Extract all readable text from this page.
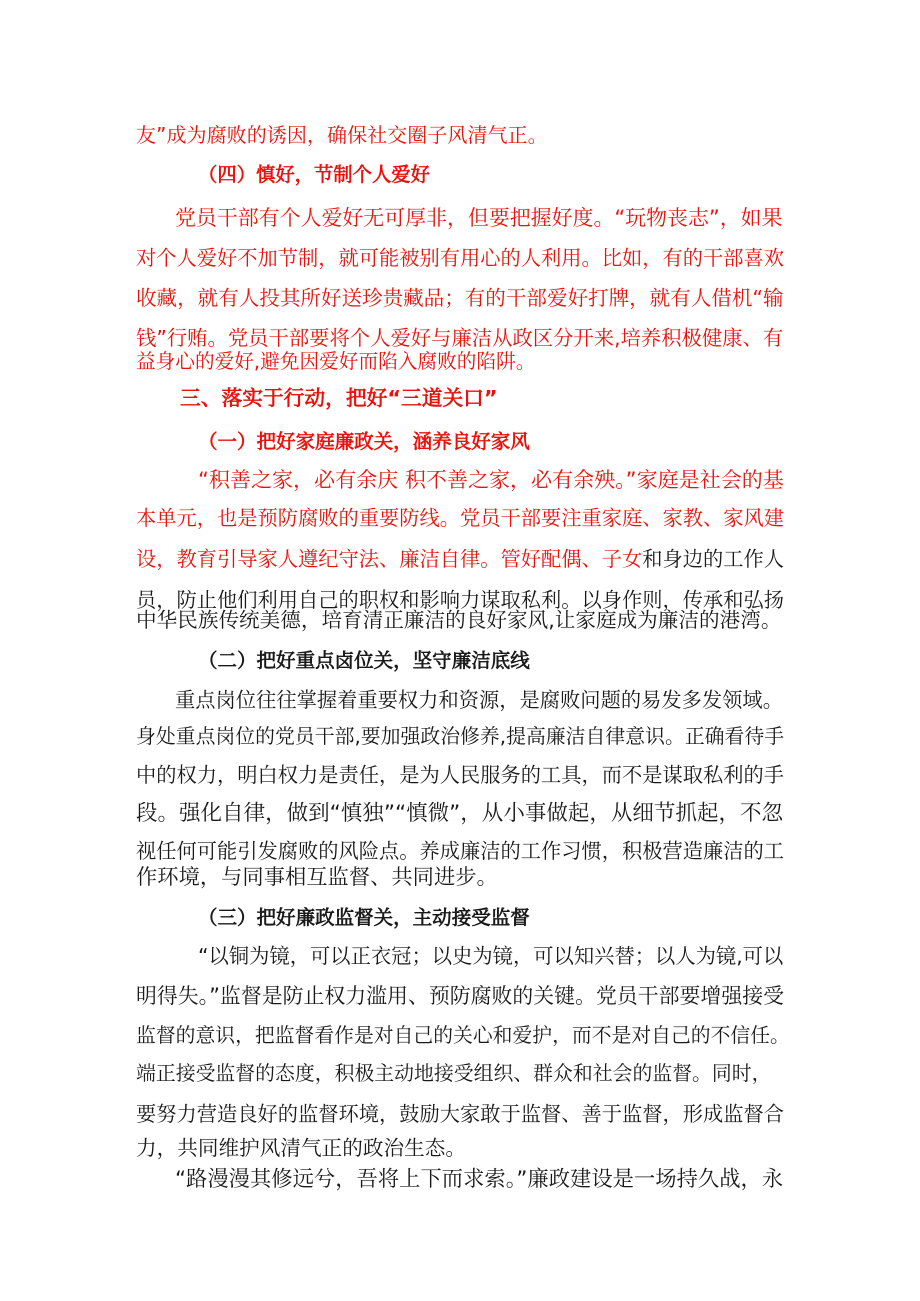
友”成为腐败的诱因，确保社交圈子风清气正。
（四）慎好，节制个人爱好
党员干部有个人爱好无可厚非，但要把握好度。“玩物丧志”，如果
对个人爱好不加节制，就可能被别有用心的人利用。比如，有的干部喜欢
收藏，就有人投其所好送珍贵藏品；有的干部爱好打牌，就有人借机“输
钱”行贿。党员干部要将个人爱好与廉洁从政区分开来,培养积极健康、有
益身心的爱好,避免因爱好而陷入腐败的陷阱。
三、落实于行动，把好“三道关口”
（一）把好家庭廉政关，涵养良好家风
“积善之家，必有余庆 积不善之家，必有余殃。”家庭是社会的基
本单元，也是预防腐败的重要防线。党员干部要注重家庭、家教、家风建
设，教育引导家人遵纪守法、廉洁自律。管好配偶、子女和身边的工作人
员，防止他们利用自己的职权和影响力谋取私利。以身作则，传承和弘扬
中华民族传统美德，培育清正廉洁的良好家风,让家庭成为廉洁的港湾。
（二）把好重点卤位关，坚守廉洁底线
重点岗位往往掌握着重要权力和资源，是腐败问题的易发多发领域。
身处重点岗位的党员干部,要加强政治修养,提高廉洁自律意识。正确看待手
中的权力，明白权力是责任，是为人民服务的工具，而不是谋取私利的手
段。强化自律，做到“慎独”“慎微”，从小事做起，从细节抓起，不忽
视任何可能引发腐败的风险点。养成廉洁的工作习惯，积极营造廉洁的工
作环境，与同事相互监督、共同进步。
（三）把好廉政监督关，主动接受监督
“以铜为镜，可以正衣冠；以史为镜，可以知兴替；以人为镜,可以
明得失。”监督是防止权力滥用、预防腐败的关键。党员干部要增强接受
监督的意识，把监督看作是对自己的关心和爱护，而不是对自己的不信任。
端正接受监督的态度，积极主动地接受组织、群众和社会的监督。同时，
要努力营造良好的监督环境，鼓励大家敢于监督、善于监督，形成监督合
力，共同维护风清气正的政治生态。
“路漫漫其修远兮，吾将上下而求索。”廉政建设是一场持久战，永
